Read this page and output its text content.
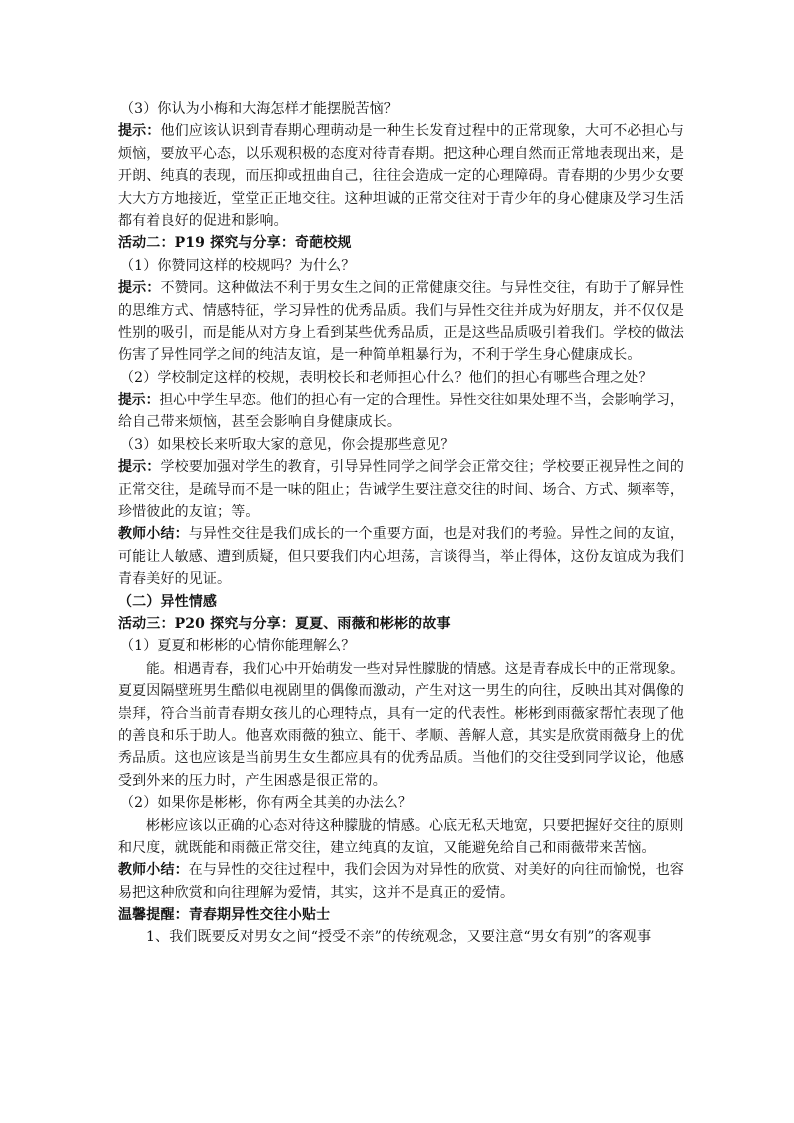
（3）你认为小梅和大海怎样才能摆脱苦恼？
提示：他们应该认识到青春期心理萌动是一种生长发育过程中的正常现象，大可不必担心与
烦恼，要放平心态，以乐观积极的态度对待青春期。把这种心理自然而正常地表现出来，是
开朗、纯真的表现，而压抑或扭曲自己，往往会造成一定的心理障碍。青春期的少男少女要
大大方方地接近，堂堂正正地交往。这种坦诚的正常交往对于青少年的身心健康及学习生活
都有着良好的促进和影响。
活动二：P19 探究与分享：奇葩校规
（1）你赞同这样的校规吗？为什么？
提示：不赞同。这种做法不利于男女生之间的正常健康交往。与异性交往，有助于了解异性
的思维方式、情感特征，学习异性的优秀品质。我们与异性交往并成为好朋友，并不仅仅是
性别的吸引，而是能从对方身上看到某些优秀品质，正是这些品质吸引着我们。学校的做法
伤害了异性同学之间的纯洁友谊，是一种简单粗暴行为，不利于学生身心健康成长。
（2）学校制定这样的校规，表明校长和老师担心什么？他们的担心有哪些合理之处？
提示：担心中学生早恋。他们的担心有一定的合理性。异性交往如果处理不当，会影响学习，
给自己带来烦恼，甚至会影响自身健康成长。
（3）如果校长来听取大家的意见，你会提那些意见？
提示：学校要加强对学生的教育，引导异性同学之间学会正常交往；学校要正视异性之间的
正常交往，是疏导而不是一味的阻止；告诫学生要注意交往的时间、场合、方式、频率等，
珍惜彼此的友谊；等。
教师小结：与异性交往是我们成长的一个重要方面，也是对我们的考验。异性之间的友谊，
可能让人敏感、遭到质疑，但只要我们内心坦荡，言谈得当，举止得体，这份友谊成为我们
青春美好的见证。
（二）异性情感
活动三：P20 探究与分享：夏夏、雨薇和彬彬的故事
（1）夏夏和彬彬的心情你能理解么？
能。相遇青春，我们心中开始萌发一些对异性朦胧的情感。这是青春成长中的正常现象。
夏夏因隔壁班男生酷似电视剧里的偶像而激动，产生对这一男生的向往，反映出其对偶像的
崇拜，符合当前青春期女孩儿的心理特点，具有一定的代表性。彬彬到雨薇家帮忙表现了他
的善良和乐于助人。他喜欢雨薇的独立、能干、孝顺、善解人意，其实是欣赏雨薇身上的优
秀品质。这也应该是当前男生女生都应具有的优秀品质。当他们的交往受到同学议论，他感
受到外来的压力时，产生困惑是很正常的。
（2）如果你是彬彬，你有两全其美的办法么？
彬彬应该以正确的心态对待这种朦胧的情感。心底无私天地宽，只要把握好交往的原则
和尺度，就既能和雨薇正常交往，建立纯真的友谊，又能避免给自己和雨薇带来苦恼。
教师小结：在与异性的交往过程中，我们会因为对异性的欣赏、对美好的向往而愉悦，也容
易把这种欣赏和向往理解为爱情，其实，这并不是真正的爱情。
温馨提醒：青春期异性交往小贴士
1、我们既要反对男女之间“授受不亲”的传统观念，又要注意“男女有别”的客观事
